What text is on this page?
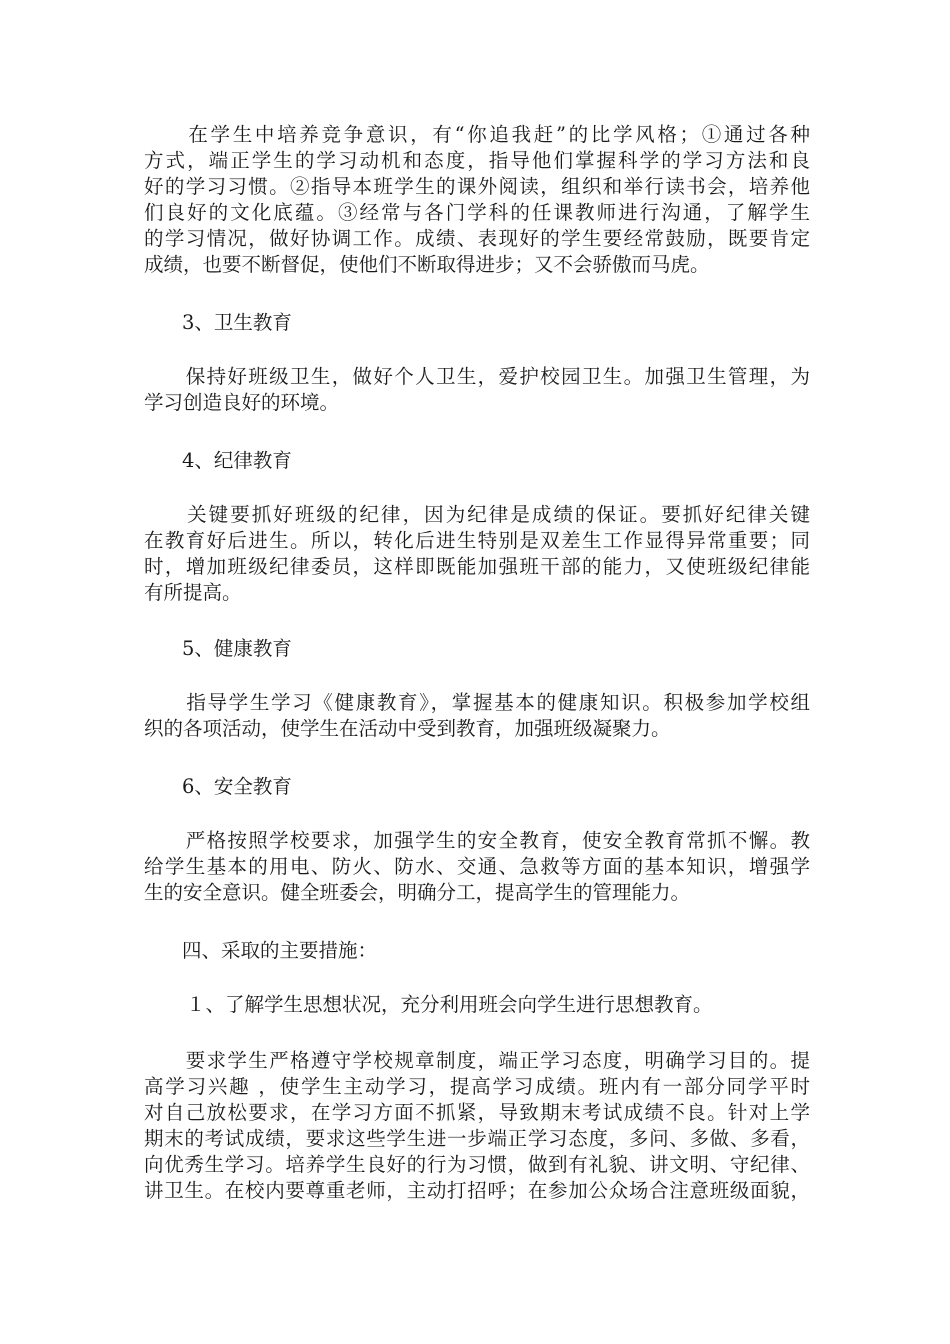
　　在学生中培养竞争意识，有“你追我赶”的比学风格；①通过各种
方式，端正学生的学习动机和态度，指导他们掌握科学的学习方法和良
好的学习习惯。②指导本班学生的课外阅读，组织和举行读书会，培养他
们良好的文化底蕴。③经常与各门学科的任课教师进行沟通，了解学生
的学习情况，做好协调工作。成绩、表现好的学生要经常鼓励，既要肯定
成绩，也要不断督促，使他们不断取得进步；又不会骄傲而马虎。
3、卫生教育
　　保持好班级卫生，做好个人卫生，爱护校园卫生。加强卫生管理，为
学习创造良好的环境。
4、纪律教育
　　关键要抓好班级的纪律，因为纪律是成绩的保证。要抓好纪律关键
在教育好后进生。所以，转化后进生特别是双差生工作显得异常重要；同
时，增加班级纪律委员，这样即既能加强班干部的能力，又使班级纪律能
有所提高。
5、健康教育
　　指导学生学习《健康教育》，掌握基本的健康知识。积极参加学校组
织的各项活动，使学生在活动中受到教育，加强班级凝聚力。
6、安全教育
　　严格按照学校要求，加强学生的安全教育，使安全教育常抓不懈。教
给学生基本的用电、防火、防水、交通、急救等方面的基本知识，增强学
生的安全意识。健全班委会，明确分工，提高学生的管理能力。
四、采取的主要措施：
１、了解学生思想状况，充分利用班会向学生进行思想教育。
　　要求学生严格遵守学校规章制度，端正学习态度，明确学习目的。提
高学习兴趣 ，使学生主动学习，提高学习成绩。班内有一部分同学平时
对自己放松要求，在学习方面不抓紧，导致期末考试成绩不良。针对上学
期末的考试成绩，要求这些学生进一步端正学习态度，多问、多做、多看，
向优秀生学习。培养学生良好的行为习惯，做到有礼貌、讲文明、守纪律、
讲卫生。在校内要尊重老师，主动打招呼；在参加公众场合注意班级面貌，
